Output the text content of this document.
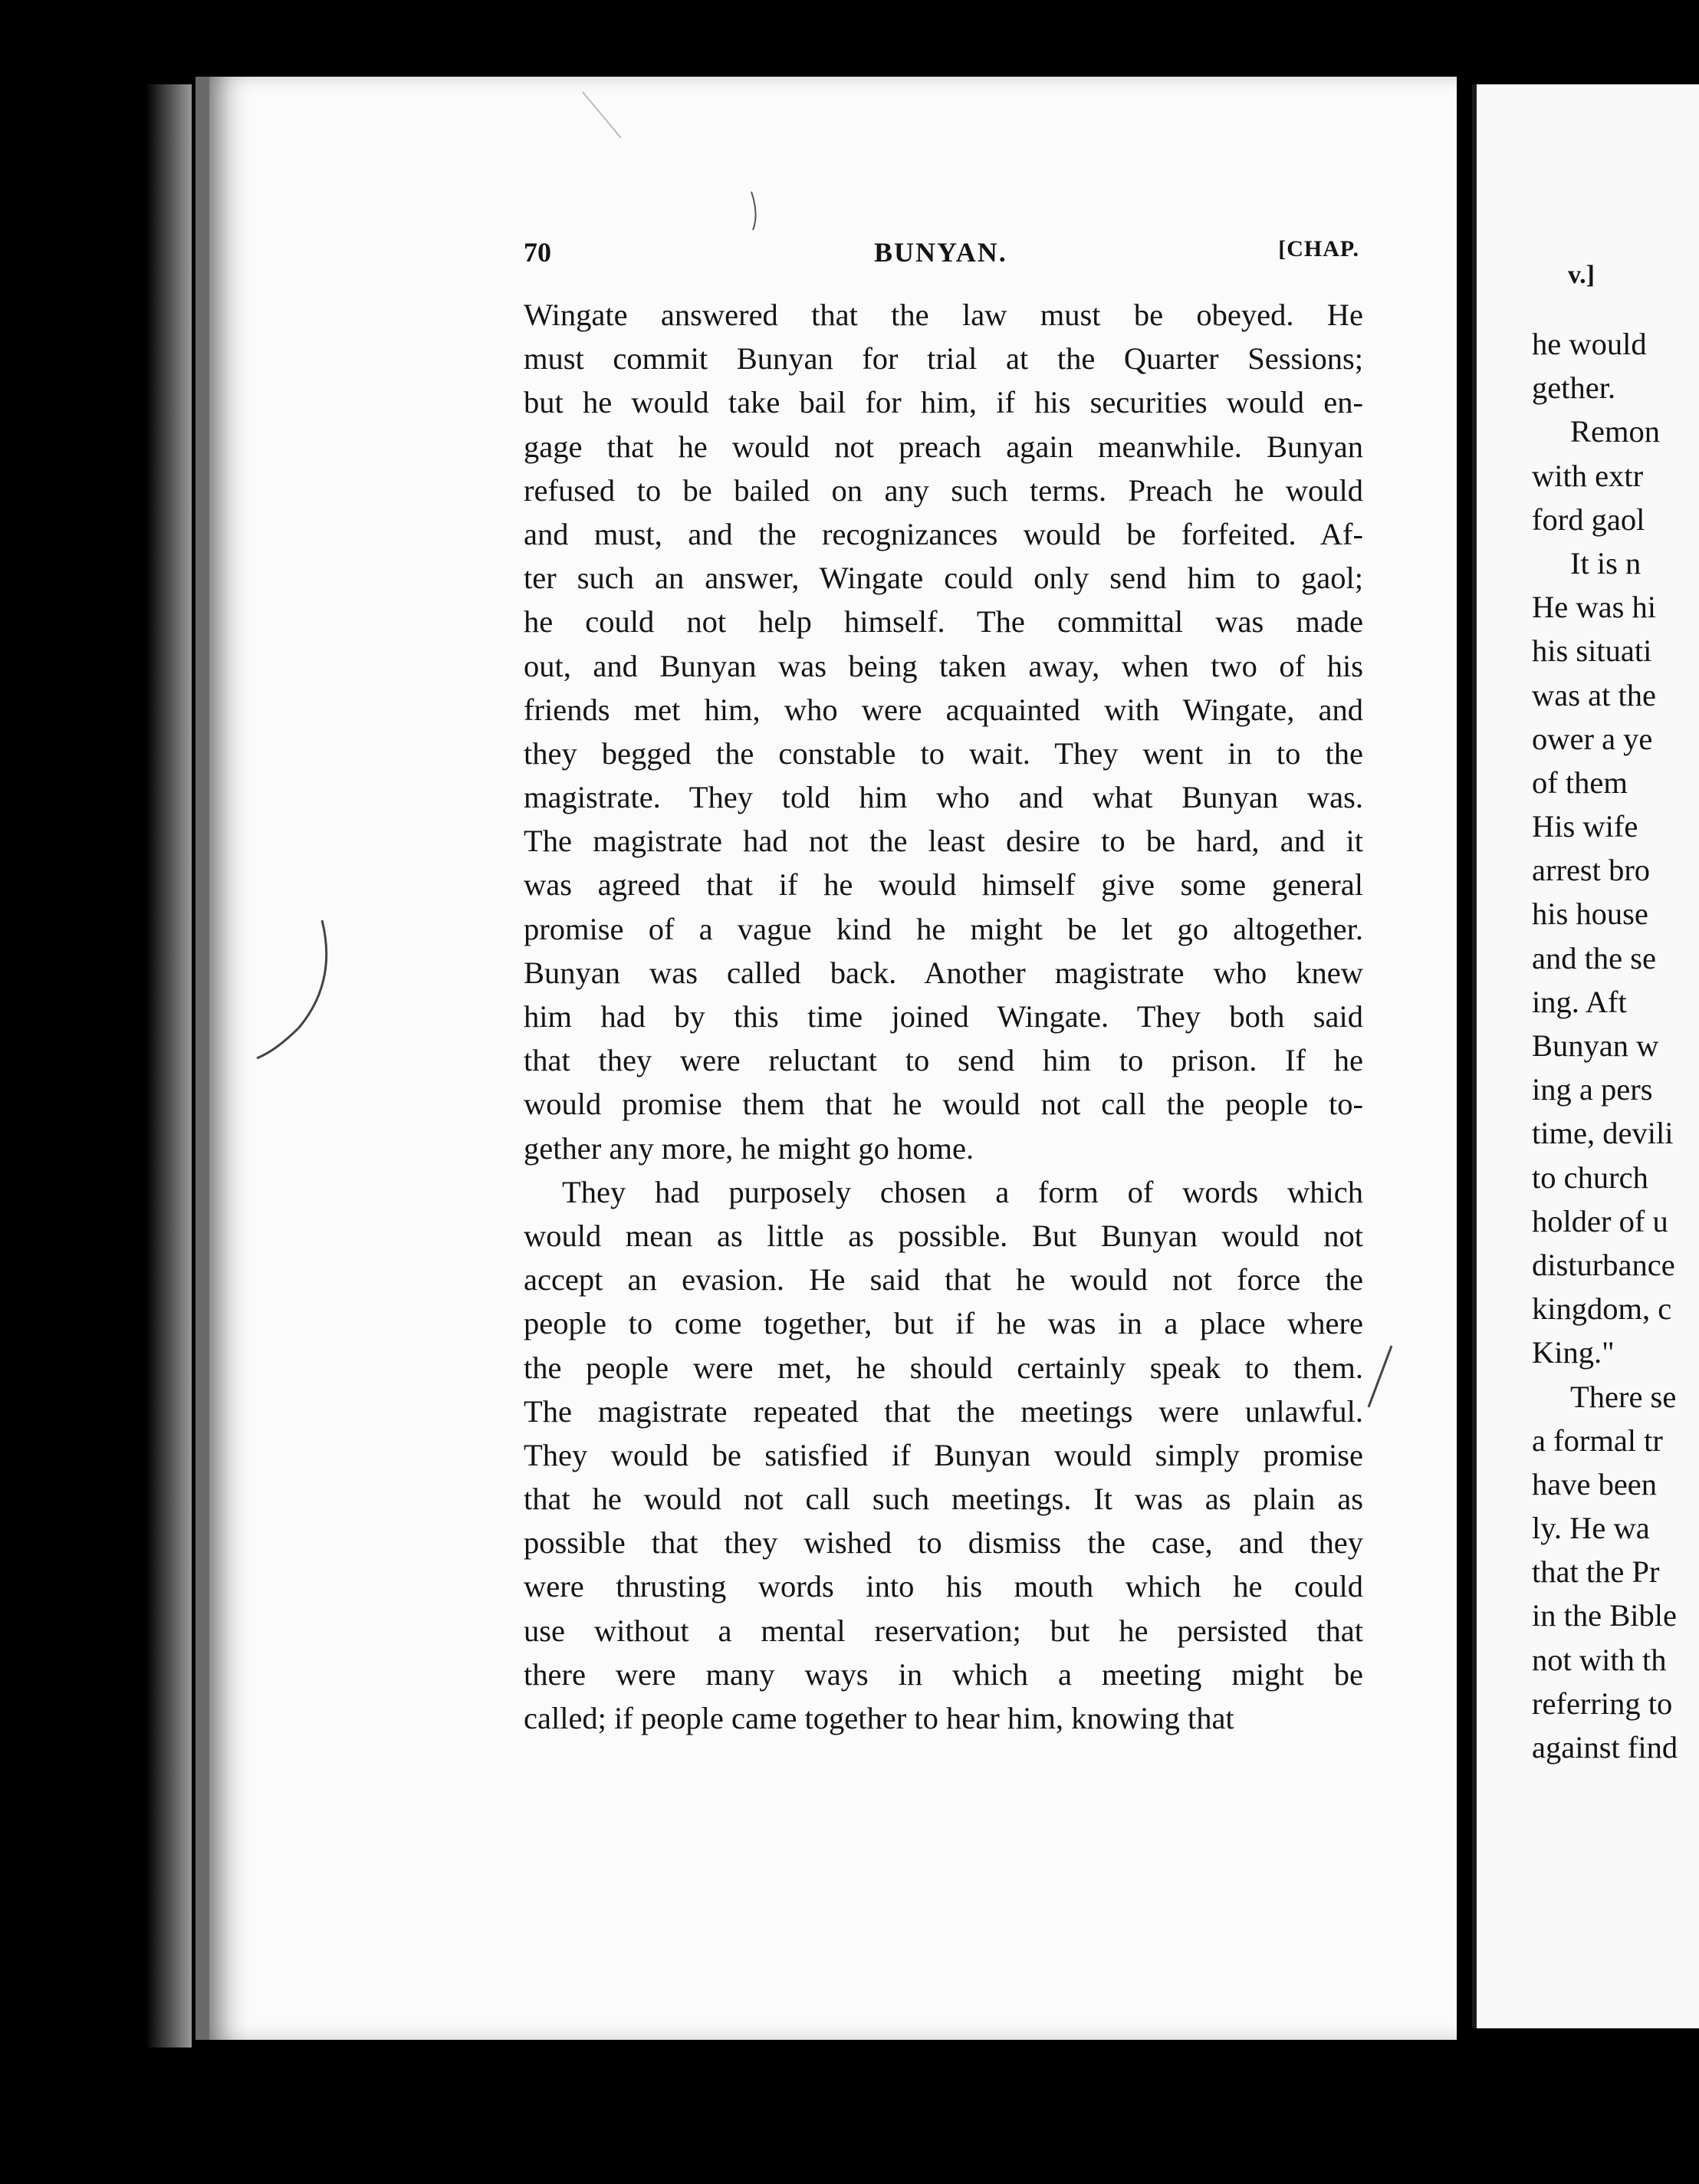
70	BUNYAN.	[CHAP.
Wingate answered that the law must be obeyed. He
must commit Bunyan for trial at the Quarter Sessions;
but he would take bail for him, if his securities would en-
gage that he would not preach again meanwhile. Bunyan
refused to be bailed on any such terms. Preach he would
and must, and the recognizances would be forfeited. Af-
ter such an answer, Wingate could only send him to gaol;
he could not help himself. The committal was made
out, and Bunyan was being taken away, when two of his
friends met him, who were acquainted with Wingate, and
they begged the constable to wait. They went in to the
magistrate. They told him who and what Bunyan was.
The magistrate had not the least desire to be hard, and it
was agreed that if he would himself give some general
promise of a vague kind he might be let go altogether.
Bunyan was called back. Another magistrate who knew
him had by this time joined Wingate. They both said
that they were reluctant to send him to prison. If he
would promise them that he would not call the people to-
gether any more, he might go home.
They had purposely chosen a form of words which
would mean as little as possible. But Bunyan would not
accept an evasion. He said that he would not force the
people to come together, but if he was in a place where
the people were met, he should certainly speak to them.
The magistrate repeated that the meetings were unlawful.
They would be satisfied if Bunyan would simply promise
that he would not call such meetings. It was as plain as
possible that they wished to dismiss the case, and they
were thrusting words into his mouth which he could
use without a mental reservation; but he persisted that
there were many ways in which a meeting might be
called; if people came together to hear him, knowing that
v.]
he would
gether.
Remon
with extr
ford gaol
It is n
He was hi
his situati
was at the
ower a ye
of them
His wife
arrest bro
his house
and the se
ing. Aft
Bunyan w
ing a pers
time, devili
to church
holder of u
disturbance
kingdom, c
King."
There se
a formal tr
have been
ly. He wa
that the Pr
in the Bible
not with th
referring to
against find
